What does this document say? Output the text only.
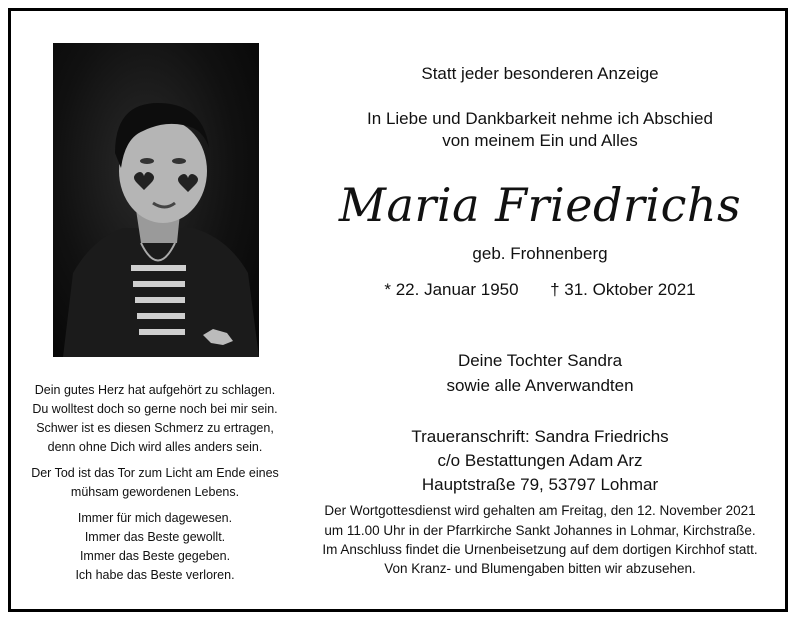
Statt jeder besonderen Anzeige
In Liebe und Dankbarkeit nehme ich Abschied
von meinem Ein und Alles
Maria Friedrichs
geb. Frohnenberg
* 22. Januar 1950 † 31. Oktober 2021
Deine Tochter Sandra
sowie alle Anverwandten
Traueranschrift: Sandra Friedrichs
c/o Bestattungen Adam Arz
Hauptstraße 79, 53797 Lohmar
Der Wortgottesdienst wird gehalten am Freitag, den 12. November 2021
um 11.00 Uhr in der Pfarrkirche Sankt Johannes in Lohmar, Kirchstraße.
Im Anschluss findet die Urnenbeisetzung auf dem dortigen Kirchhof statt.
Von Kranz- und Blumengaben bitten wir abzusehen.
Dein gutes Herz hat aufgehört zu schlagen.
Du wolltest doch so gerne noch bei mir sein.
Schwer ist es diesen Schmerz zu ertragen,
denn ohne Dich wird alles anders sein.
Der Tod ist das Tor zum Licht am Ende eines
mühsam gewordenen Lebens.
Immer für mich dagewesen.
Immer das Beste gewollt.
Immer das Beste gegeben.
Ich habe das Beste verloren.
